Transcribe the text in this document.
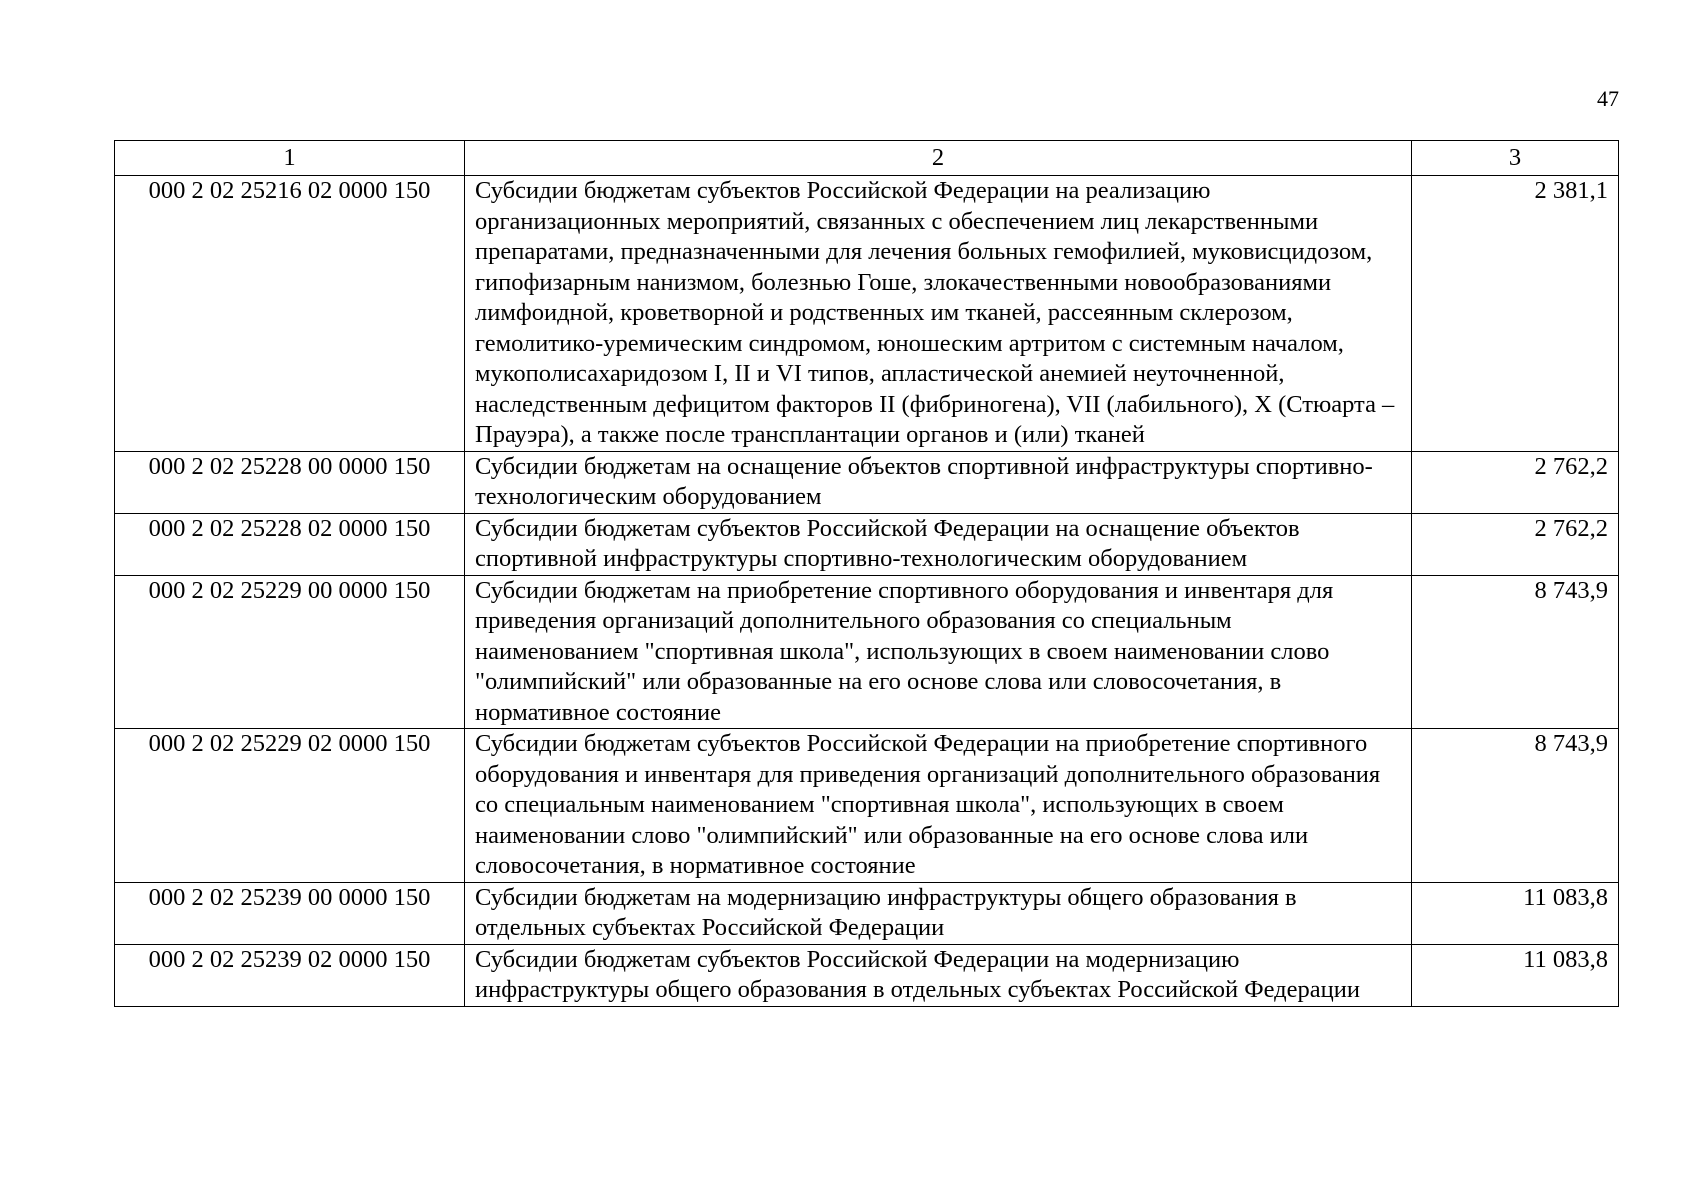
47
1	2	3
000 2 02 25216 02 0000 150	Субсидии бюджетам субъектов Российской Федерации на реализацию организационных мероприятий, связанных с обеспечением лиц лекарственными препаратами, предназначенными для лечения больных гемофилией, муковисцидозом, гипофизарным нанизмом, болезнью Гоше, злокачественными новообразованиями лимфоидной, кроветворной и родственных им тканей, рассеянным склерозом, гемолитико-уремическим синдромом, юношеским артритом с системным началом, мукополисахаридозом I, II и VI типов, апластической анемией неуточненной, наследственным дефицитом факторов II (фибриногена), VII (лабильного), X (Стюарта – Прауэра), а также после трансплантации органов и (или) тканей	2 381,1
000 2 02 25228 00 0000 150	Субсидии бюджетам на оснащение объектов спортивной инфраструктуры спортивно-технологическим оборудованием	2 762,2
000 2 02 25228 02 0000 150	Субсидии бюджетам субъектов Российской Федерации на оснащение объектов спортивной инфраструктуры спортивно-технологическим оборудованием	2 762,2
000 2 02 25229 00 0000 150	Субсидии бюджетам на приобретение спортивного оборудования и инвентаря для приведения организаций дополнительного образования со специальным наименованием "спортивная школа", использующих в своем наименовании слово "олимпийский" или образованные на его основе слова или словосочетания, в нормативное состояние	8 743,9
000 2 02 25229 02 0000 150	Субсидии бюджетам субъектов Российской Федерации на приобретение спортивного оборудования и инвентаря для приведения организаций дополнительного образования со специальным наименованием "спортивная школа", использующих в своем наименовании слово "олимпийский" или образованные на его основе слова или словосочетания, в нормативное состояние	8 743,9
000 2 02 25239 00 0000 150	Субсидии бюджетам на модернизацию инфраструктуры общего образования в отдельных субъектах Российской Федерации	11 083,8
000 2 02 25239 02 0000 150	Субсидии бюджетам субъектов Российской Федерации на модернизацию инфраструктуры общего образования в отдельных субъектах Российской Федерации	11 083,8
